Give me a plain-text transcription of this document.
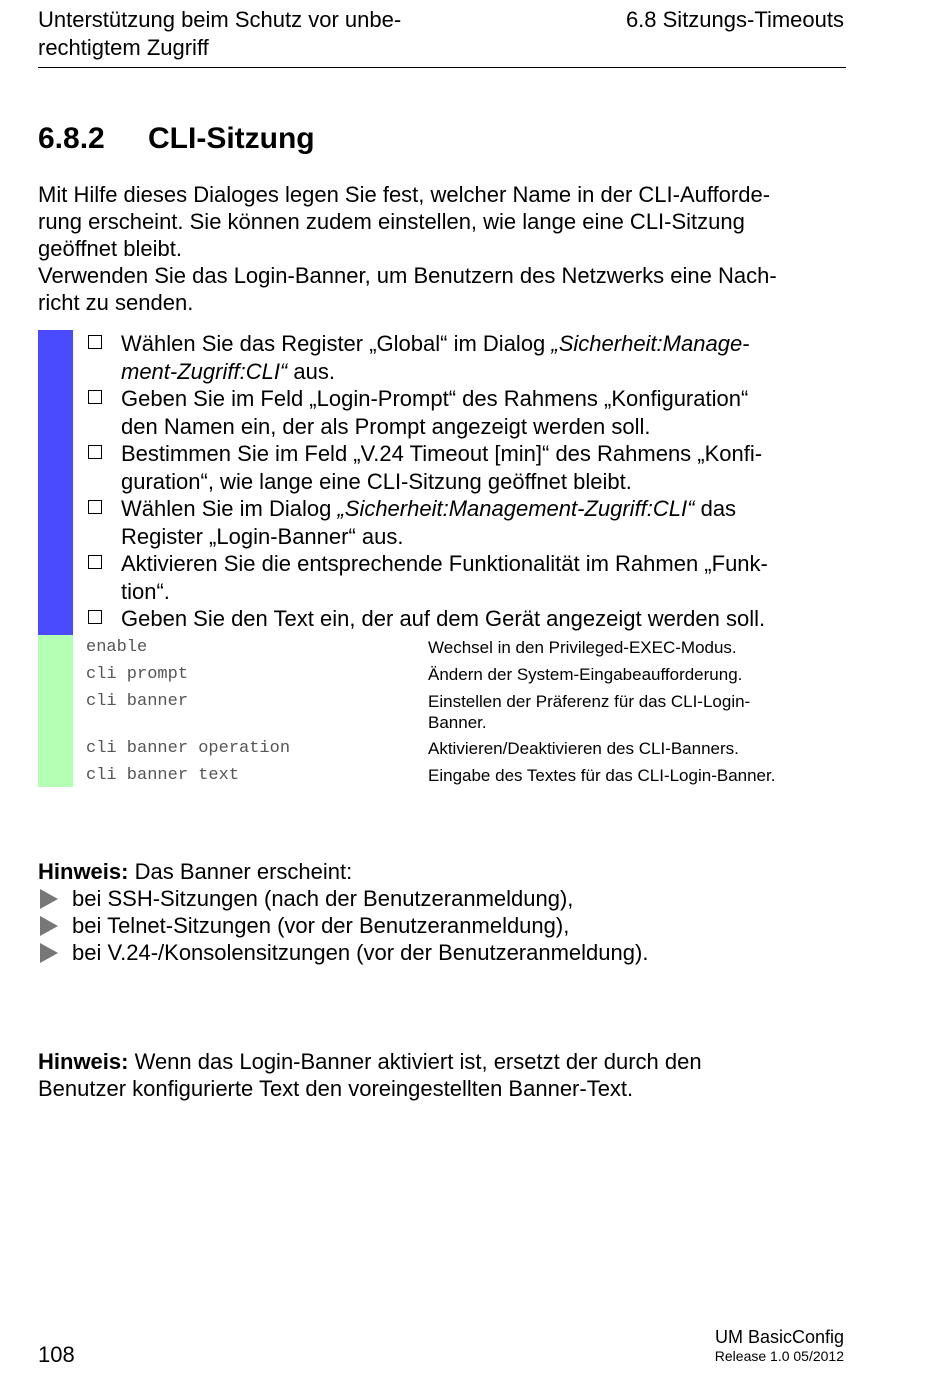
Unterstützung beim Schutz vor unbe-
rechtigtem Zugriff
6.8 Sitzungs-Timeouts
6.8.2 CLI-Sitzung

Mit Hilfe dieses Dialoges legen Sie fest, welcher Name in der CLI-Aufforde-
rung erscheint. Sie können zudem einstellen, wie lange eine CLI-Sitzung
geöffnet bleibt.

Verwenden Sie das Login-Banner, um Benutzern des Netzwerks eine Nach-
richt zu senden.

Wählen Sie das Register „Global“ im Dialog „Sicherheit:Manage-
ment-Zugriff:CLI“ aus.
Geben Sie im Feld „Login-Prompt“ des Rahmens „Konfiguration“
den Namen ein, der als Prompt angezeigt werden soll.
Bestimmen Sie im Feld „V.24 Timeout [min]“ des Rahmens „Konfi-
guration“, wie lange eine CLI-Sitzung geöffnet bleibt.
Wählen Sie im Dialog „Sicherheit:Management-Zugriff:CLI“ das
Register „Login-Banner“ aus.
Aktivieren Sie die entsprechende Funktionalität im Rahmen „Funk-
tion“.
Geben Sie den Text ein, der auf dem Gerät angezeigt werden soll.
enable	Wechsel in den Privileged-EXEC-Modus.
cli prompt	Ändern der System-Eingabeaufforderung.
cli banner	Einstellen der Präferenz für das CLI-Login-
Banner.
cli banner operation	Aktivieren/Deaktivieren des CLI-Banners.
cli banner text	Eingabe des Textes für das CLI-Login-Banner.
Hinweis: Das Banner erscheint:
bei SSH-Sitzungen (nach der Benutzeranmeldung),
bei Telnet-Sitzungen (vor der Benutzeranmeldung),
bei V.24-/Konsolensitzungen (vor der Benutzeranmeldung).
Hinweis: Wenn das Login-Banner aktiviert ist, ersetzt der durch den
Benutzer konfigurierte Text den voreingestellten Banner-Text.
108
UM BasicConfig
Release 1.0 05/2012
